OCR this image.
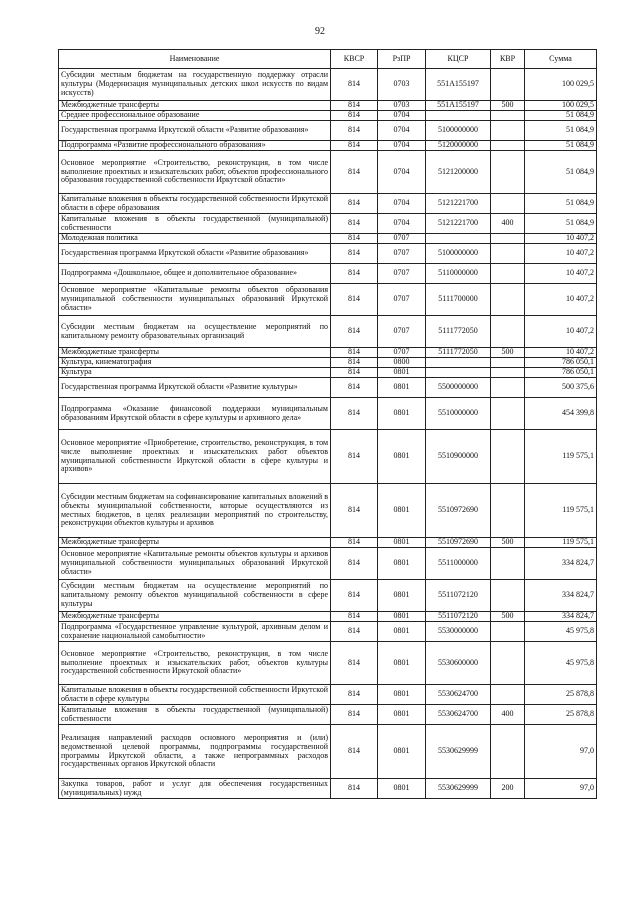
92
Наименование	КВСР	РзПР	КЦСР	КВР	Сумма
Субсидии местным бюджетам на государственную поддержку отрасли культуры (Модернизация муниципальных детских школ искусств по видам искусств)	814	0703	551A155197		100 029,5
Межбюджетные трансферты	814	0703	551A155197	500	100 029,5
Среднее профессиональное образование	814	0704			51 084,9
Государственная программа Иркутской области «Развитие образования»	814	0704	5100000000		51 084,9
Подпрограмма «Развитие профессионального образования»	814	0704	5120000000		51 084,9
Основное мероприятие «Строительство, реконструкция, в том числе выполнение проектных и изыскательских работ, объектов профессионального образования государственной собственности Иркутской области»	814	0704	5121200000		51 084,9
Капитальные вложения в объекты государственной собственности Иркутской области в сфере образования	814	0704	5121221700		51 084,9
Капитальные вложения в объекты государственной (муниципальной) собственности	814	0704	5121221700	400	51 084,9
Молодежная политика	814	0707			10 407,2
Государственная программа Иркутской области «Развитие образования»	814	0707	5100000000		10 407,2
Подпрограмма «Дошкольное, общее и дополнительное образование»	814	0707	5110000000		10 407,2
Основное мероприятие «Капитальные ремонты объектов образования муниципальной собственности муниципальных образований Иркутской области»	814	0707	5111700000		10 407,2
Субсидии местным бюджетам на осуществление мероприятий по капитальному ремонту образовательных организаций	814	0707	5111772050		10 407,2
Межбюджетные трансферты	814	0707	5111772050	500	10 407,2
Культура, кинематография	814	0800			786 050,1
Культура	814	0801			786 050,1
Государственная программа Иркутской области «Развитие культуры»	814	0801	5500000000		500 375,6
Подпрограмма «Оказание финансовой поддержки муниципальным образованиям Иркутской области в сфере культуры и архивного дела»	814	0801	5510000000		454 399,8
Основное мероприятие «Приобретение, строительство, реконструкция, в том числе выполнение проектных и изыскательских работ объектов муниципальной собственности Иркутской области в сфере культуры и архивов»	814	0801	5510900000		119 575,1
Субсидии местным бюджетам на софинансирование капитальных вложений в объекты муниципальной собственности, которые осуществляются из местных бюджетов, в целях реализации мероприятий по строительству, реконструкции объектов культуры и архивов	814	0801	5510972690		119 575,1
Межбюджетные трансферты	814	0801	5510972690	500	119 575,1
Основное мероприятие «Капитальные ремонты объектов культуры и архивов муниципальной собственности муниципальных образований Иркутской области»	814	0801	5511000000		334 824,7
Субсидии местным бюджетам на осуществление мероприятий по капитальному ремонту объектов муниципальной собственности в сфере культуры	814	0801	5511072120		334 824,7
Межбюджетные трансферты	814	0801	5511072120	500	334 824,7
Подпрограмма «Государственное управление культурой, архивным делом и сохранение национальной самобытности»	814	0801	5530000000		45 975,8
Основное мероприятие «Строительство, реконструкция, в том числе выполнение проектных и изыскательских работ, объектов культуры государственной собственности Иркутской области»	814	0801	5530600000		45 975,8
Капитальные вложения в объекты государственной собственности Иркутской области в сфере культуры	814	0801	5530624700		25 878,8
Капитальные вложения в объекты государственной (муниципальной) собственности	814	0801	5530624700	400	25 878,8
Реализация направлений расходов основного мероприятия и (или) ведомственной целевой программы, подпрограммы государственной программы Иркутской области, а также непрограммных расходов государственных органов Иркутской области	814	0801	5530629999		97,0
Закупка товаров, работ и услуг для обеспечения государственных (муниципальных) нужд	814	0801	5530629999	200	97,0
